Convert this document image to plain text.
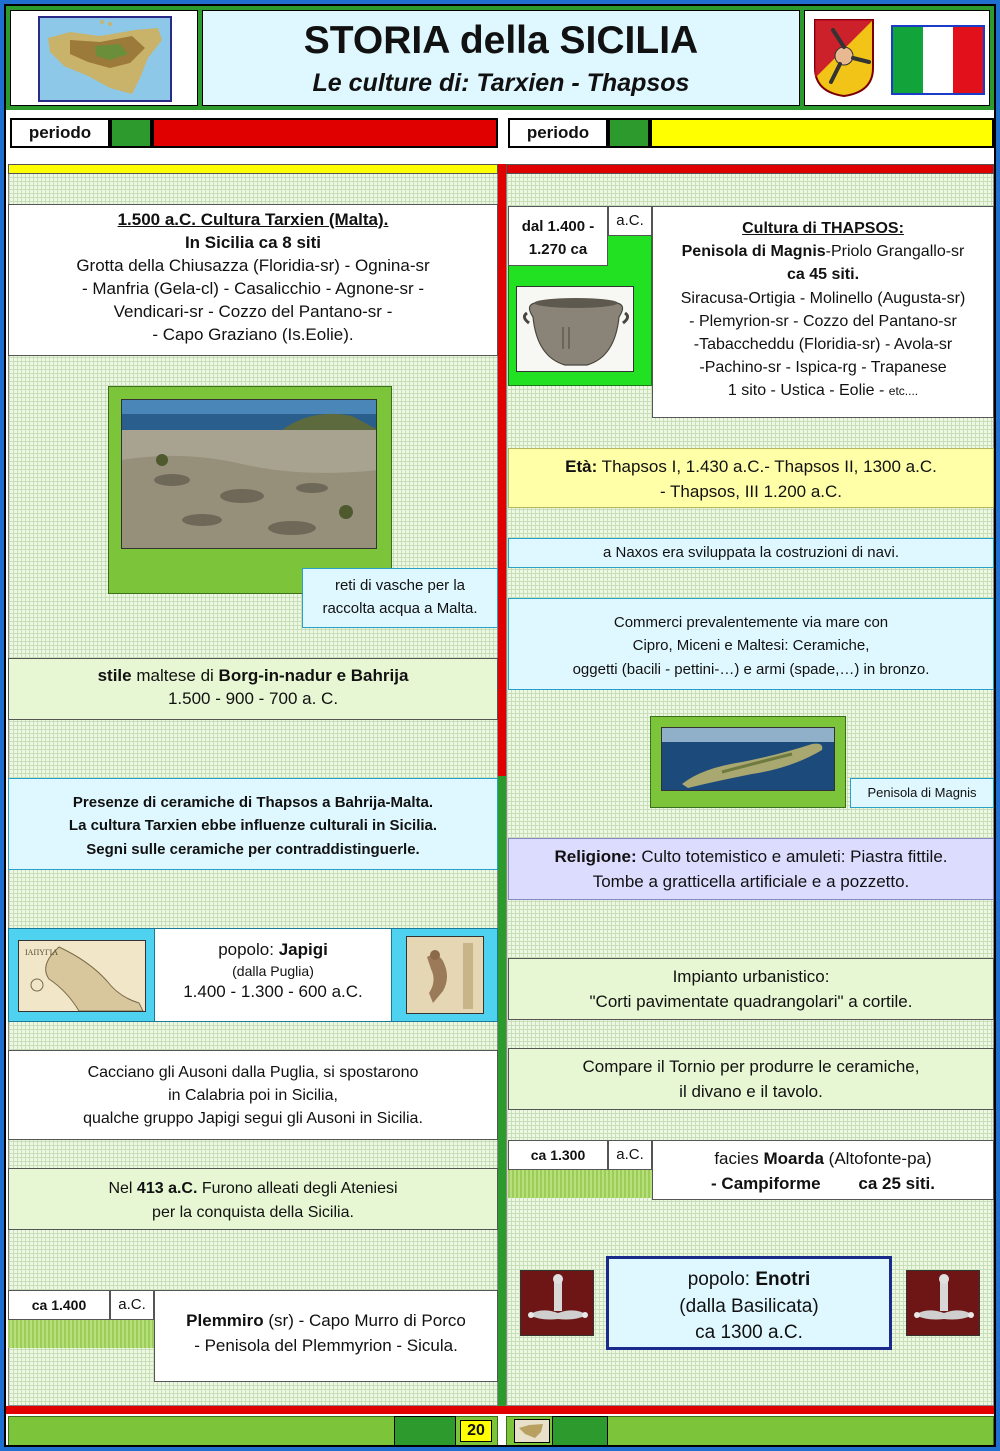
STORIA della SICILIA
Le culture di: Tarxien - Thapsos
periodo	periodo
1.500 a.C. Cultura Tarxien (Malta).
In Sicilia ca 8 siti
Grotta della Chiusazza (Floridia-sr) - Ognina-sr
- Manfria (Gela-cl) - Casalicchio - Agnone-sr -
Vendicari-sr - Cozzo del Pantano-sr -
- Capo Graziano (Is.Eolie).
reti di vasche per la
raccolta acqua a Malta.
stile maltese di Borg-in-nadur e Bahrija
1.500 - 900 - 700 a. C.
Presenze di ceramiche di Thapsos a Bahrija-Malta.
La cultura Tarxien ebbe influenze culturali in Sicilia.
Segni sulle ceramiche per contraddistinguerle.
ΙΑΠΥΓΙΑ	popolo: Japigi
(dalla Puglia)
1.400 - 1.300 - 600 a.C.
Cacciano gli Ausoni dalla Puglia, si spostarono
in Calabria poi in Sicilia,
qualche gruppo Japigi segui gli Ausoni in Sicilia.
Nel 413 a.C. Furono alleati degli Ateniesi
per la conquista della Sicilia.
ca 1.400	a.C.
Plemmiro (sr) - Capo Murro di Porco
- Penisola del Plemmyrion - Sicula.
dal 1.400 -
1.270 ca
a.C.	Cultura di THAPSOS:
Penisola di Magnis-Priolo Grangallo-sr
ca 45 siti.
Siracusa-Ortigia - Molinello (Augusta-sr)
- Plemyrion-sr - Cozzo del Pantano-sr
-Tabaccheddu (Floridia-sr) - Avola-sr
-Pachino-sr - Ispica-rg - Trapanese
1 sito - Ustica - Eolie - etc....
Età: Thapsos I, 1.430 a.C.- Thapsos II, 1300 a.C.
- Thapsos, III 1.200 a.C.
a Naxos era sviluppata la costruzioni di navi.
Commerci prevalentemente via mare con
Cipro, Miceni e Maltesi: Ceramiche,
oggetti (bacili - pettini-…) e armi (spade,…) in bronzo.
Penisola di Magnis
Religione: Culto totemistico e amuleti: Piastra fittile.
Tombe a gratticella artificiale e a pozzetto.
Impianto urbanistico:
"Corti pavimentate quadrangolari" a cortile.
Compare il Tornio per produrre le ceramiche,
il divano e il tavolo.
ca 1.300	a.C.	facies Moarda (Altofonte-pa)
- Campiforme        ca 25 siti.
popolo: Enotri
(dalla Basilicata)
ca 1300 a.C.
20
